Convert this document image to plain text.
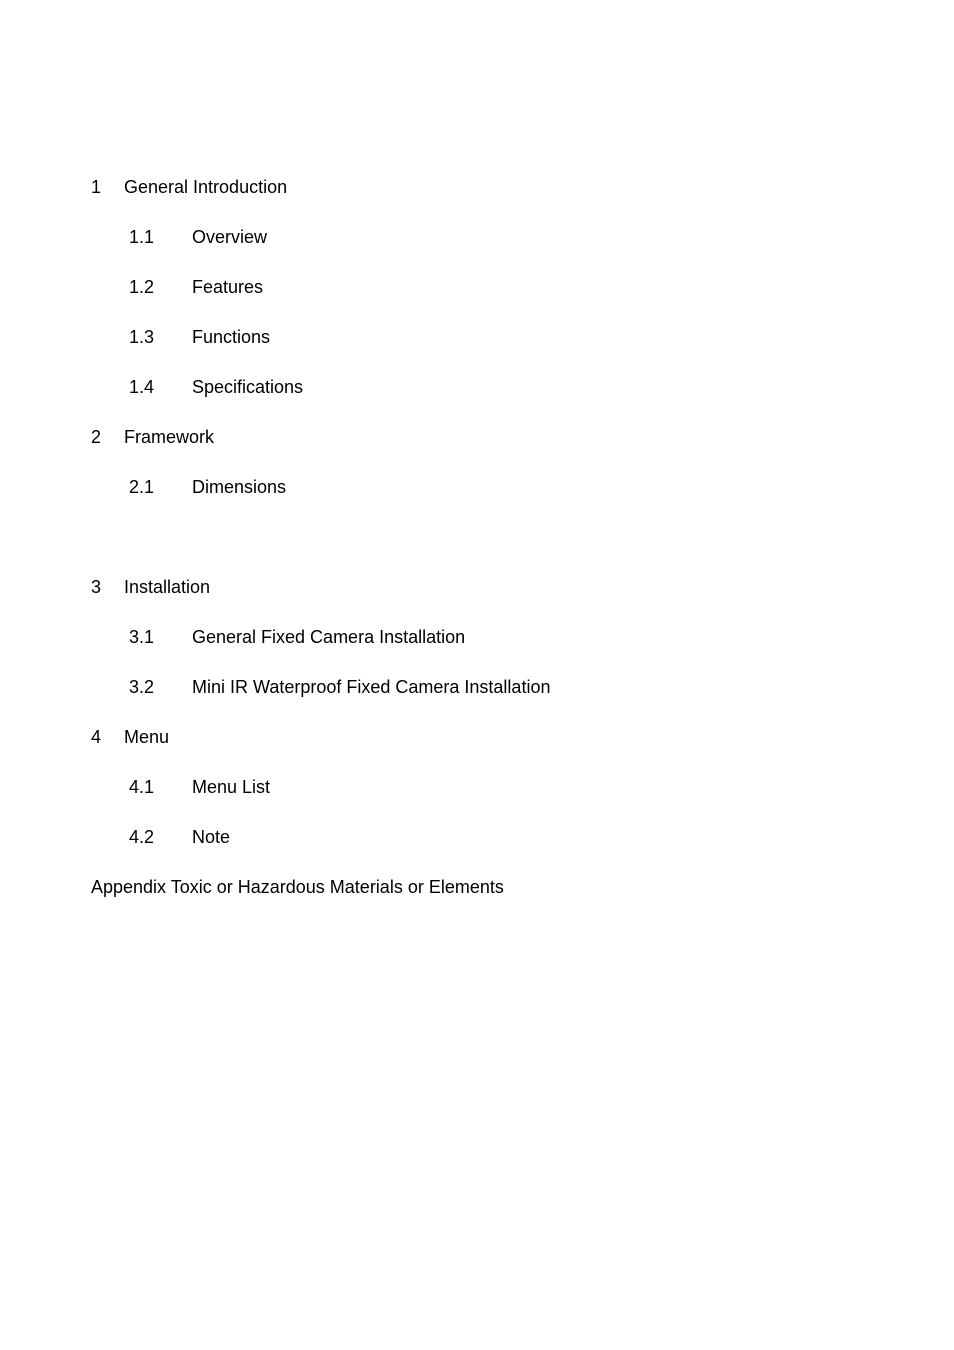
1 General Introduction
1.1 Overview
1.2 Features
1.3 Functions
1.4 Specifications
2 Framework
2.1 Dimensions
3 Installation
3.1 General Fixed Camera Installation
3.2 Mini IR Waterproof Fixed Camera Installation
4 Menu
4.1 Menu List
4.2 Note
Appendix Toxic or Hazardous Materials or Elements
